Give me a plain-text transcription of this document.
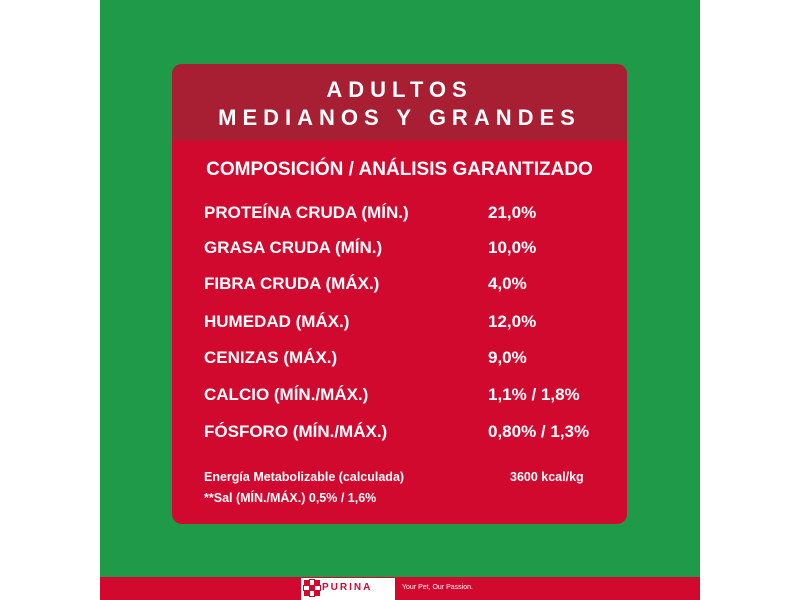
ADULTOS
MEDIANOS Y GRANDES
COMPOSICIÓN / ANÁLISIS GARANTIZADO
PROTEÍNA CRUDA (MÍN.)	21,0%
GRASA CRUDA (MÍN.)	10,0%
FIBRA CRUDA (MÁX.)	4,0%
HUMEDAD (MÁX.)	12,0%
CENIZAS (MÁX.)	9,0%
CALCIO (MÍN./MÁX.)	1,1% / 1,8%
FÓSFORO (MÍN./MÁX.)	0,80% / 1,3%
Energía Metabolizable (calculada)	3600 kcal/kg
**Sal (MÍN./MÁX.) 0,5% / 1,6%
PURINA	Your Pet, Our Passion.
